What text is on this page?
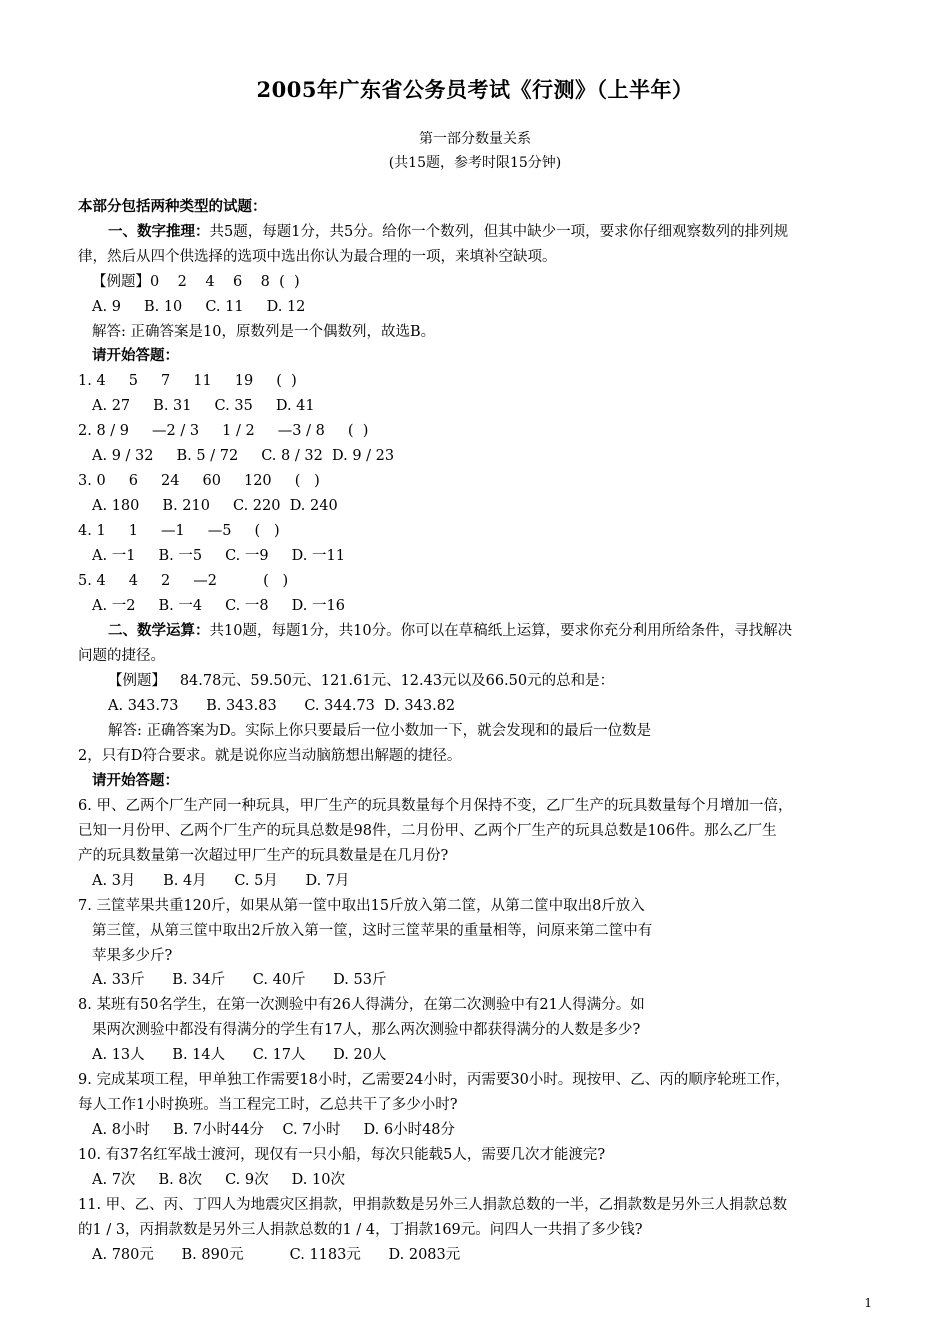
2005年广东省公务员考试《行测》（上半年）
第一部分数量关系
(共15题，参考时限15分钟)
本部分包括两种类型的试题：
一、数字推理：共5题，每题1分，共5分。给你一个数列，但其中缺少一项，要求你仔细观察数列的排列规
律，然后从四个供选择的选项中选出你认为最合理的一项，来填补空缺项。
【例题】0    2    4    6    8  (  )
A. 9     B. 10     C. 11     D. 12
解答: 正确答案是10，原数列是一个偶数列，故选B。
请开始答题：
1. 4     5     7     11     19     (  )
A. 27     B. 31     C. 35     D. 41
2. 8 / 9     —2 / 3     1 / 2     —3 / 8     (  )
A. 9 / 32     B. 5 / 72     C. 8 / 32  D. 9 / 23
3. 0     6     24     60     120     (   )
A. 180     B. 210     C. 220  D. 240
4. 1     1     —1     —5     (   )
A. 一1     B. 一5     C. 一9     D. 一11
5. 4     4     2     —2          (   )
A. 一2     B. 一4     C. 一8     D. 一16
二、数学运算：共10题，每题1分，共10分。你可以在草稿纸上运算，要求你充分利用所给条件，寻找解决
问题的捷径。
【例题】   84.78元、59.50元、121.61元、12.43元以及66.50元的总和是：
A. 343.73      B. 343.83      C. 344.73  D. 343.82
解答: 正确答案为D。实际上你只要最后一位小数加一下，就会发现和的最后一位数是
2，只有D符合要求。就是说你应当动脑筋想出解题的捷径。
请开始答题：
6. 甲、乙两个厂生产同一种玩具，甲厂生产的玩具数量每个月保持不变，乙厂生产的玩具数量每个月增加一倍，
已知一月份甲、乙两个厂生产的玩具总数是98件，二月份甲、乙两个厂生产的玩具总数是106件。那么乙厂生
产的玩具数量第一次超过甲厂生产的玩具数量是在几月份?
A. 3月      B. 4月      C. 5月      D. 7月
7. 三筐苹果共重120斤，如果从第一筐中取出15斤放入第二筐，从第二筐中取出8斤放入
第三筐，从第三筐中取出2斤放入第一筐，这时三筐苹果的重量相等，问原来第二筐中有
苹果多少斤?
A. 33斤      B. 34斤      C. 40斤      D. 53斤
8. 某班有50名学生，在第一次测验中有26人得满分，在第二次测验中有21人得满分。如
果两次测验中都没有得满分的学生有17人，那么两次测验中都获得满分的人数是多少?
A. 13人      B. 14人      C. 17人      D. 20人
9. 完成某项工程，甲单独工作需要18小时，乙需要24小时，丙需要30小时。现按甲、乙、丙的顺序轮班工作，
每人工作1小时换班。当工程完工时，乙总共干了多少小时?
A. 8小时     B. 7小时44分    C. 7小时     D. 6小时48分
10. 有37名红军战士渡河，现仅有一只小船，每次只能载5人，需要几次才能渡完?
A. 7次     B. 8次     C. 9次     D. 10次
11. 甲、乙、丙、丁四人为地震灾区捐款，甲捐款数是另外三人捐款总数的一半，乙捐款数是另外三人捐款总数
的1 / 3，丙捐款数是另外三人捐款总数的1 / 4，丁捐款169元。问四人一共捐了多少钱?
A. 780元      B. 890元          C. 1183元      D. 2083元
1
